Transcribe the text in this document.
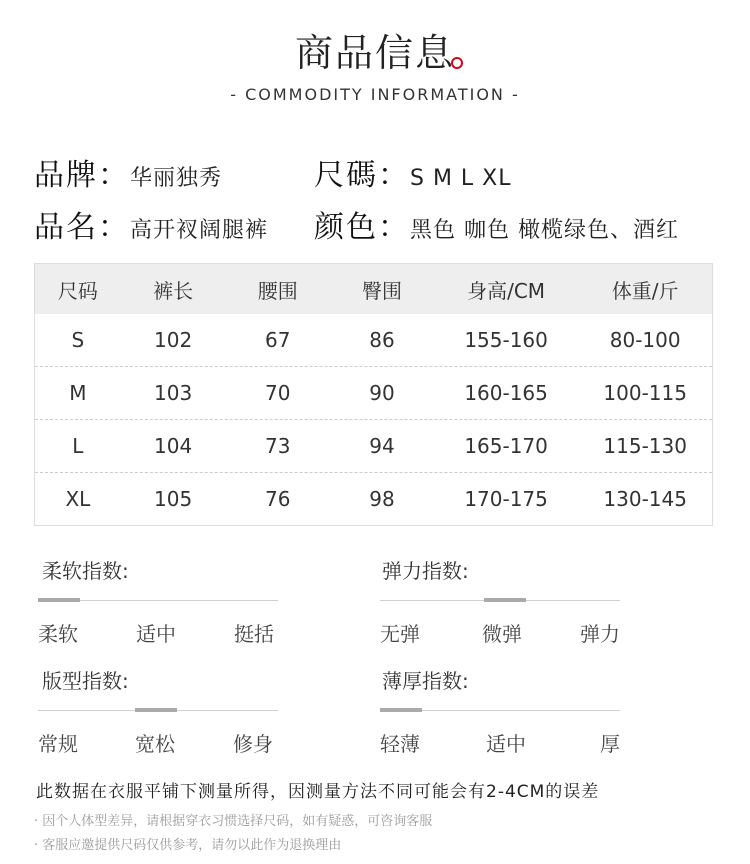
商品信息
- COMMODITY INFORMATION -
品牌：华丽独秀	尺碼：S M L XL
品名：高开衩阔腿裤 颜色：黑色 咖色 橄榄绿色、酒红
尺码	裤长	腰围	臀围	身高/CM	体重/斤
S	102	67	86	155-160	80-100
M	103	70	90	160-165	100-115
L	104	73	94	165-170	115-130
XL	105	76	98	170-175	130-145
柔软指数:
柔软	适中	挺括
弹力指数:
无弹	微弹	弹力
版型指数:
常规	宽松	修身
薄厚指数:
轻薄	适中	厚
此数据在衣服平铺下测量所得，因测量方法不同可能会有2-4CM的误差
· 因个人体型差异，请根据穿衣习惯选择尺码，如有疑惑，可咨询客服
· 客服应邀提供尺码仅供参考，请勿以此作为退换理由
